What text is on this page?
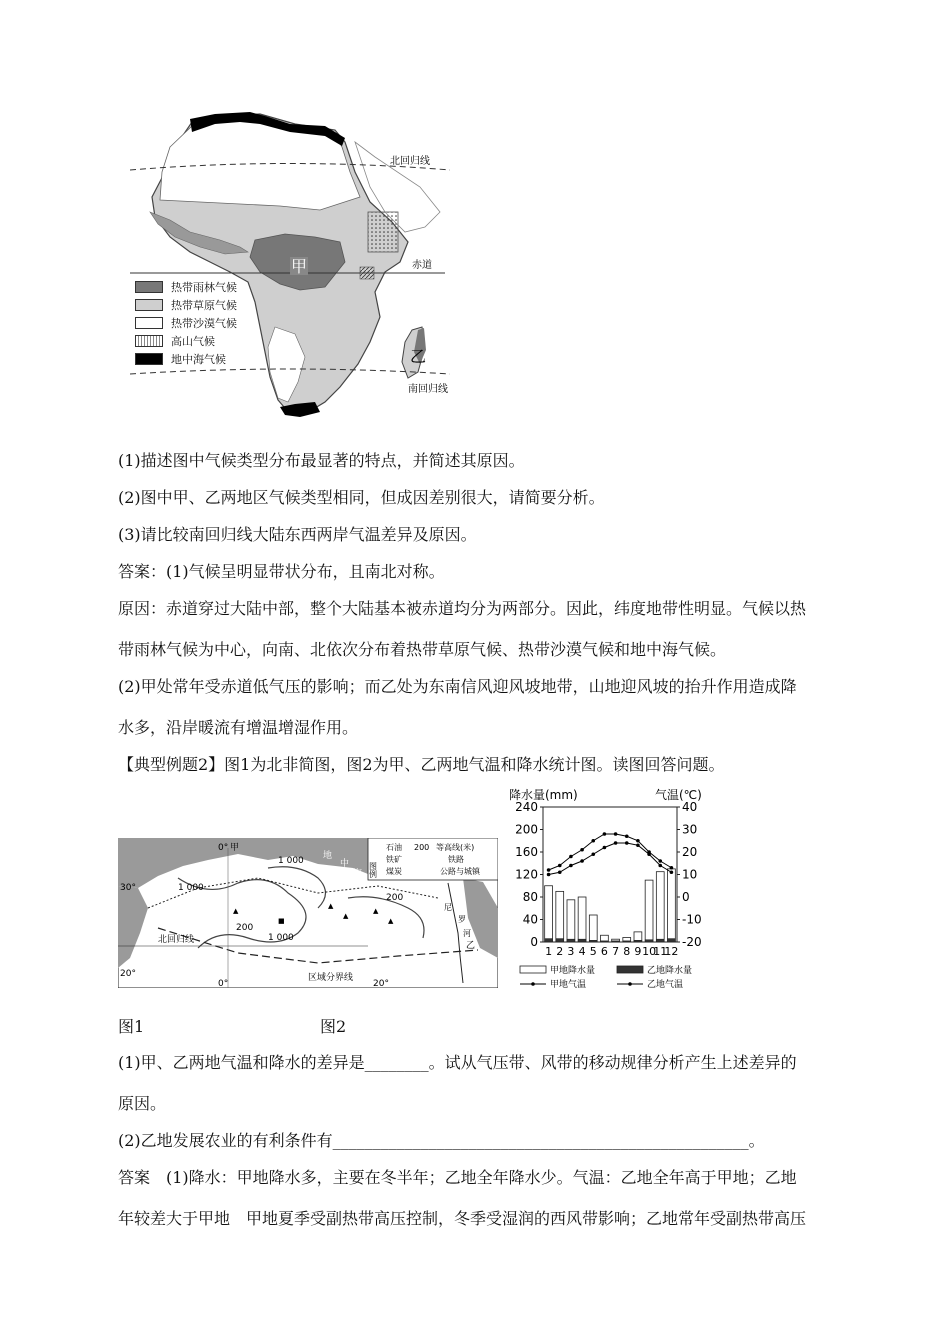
北回归线
赤道
南回归线
甲
乙
热带雨林气候
热带草原气候
热带沙漠气候
高山气候
地中海气候
(1)描述图中气候类型分布最显著的特点，并简述其原因。
(2)图中甲、乙两地区气候类型相同，但成因差别很大，请简要分析。
(3)请比较南回归线大陆东西两岸气温差异及原因。
答案：(1)气候呈明显带状分布，且南北对称。
原因：赤道穿过大陆中部，整个大陆基本被赤道均分为两部分。因此，纬度地带性明显。气候以热
带雨林气候为中心，向南、北依次分布着热带草原气候、热带沙漠气候和地中海气候。
(2)甲处常年受赤道低气压的影响；而乙处为东南信风迎风坡地带，山地迎风坡的抬升作用造成降
水多，沿岸暖流有增温增湿作用。
【典型例题2】图1为北非简图，图2为甲、乙两地气温和降水统计图。读图回答问题。
图例
石油 200 等高线(米)
铁矿	铁路
煤炭	公路与城镇
▲
▲
▲
▲
▲
■
30°
20°
0° 甲
0°
北回归线
区域分界线
20°
1 000
1 000
1 000
200
200
地
中
海
尼
罗
河
乙
降水量(mm)	气温(℃)
0
40
80
120
160
200
240
-20
-10
0
10
20
30
40
1 2 3 4 5 6 7 8 9 10
11
12
甲地降水量	乙地降水量
甲地气温	乙地气温
图1	图2
(1)甲、乙两地气温和降水的差异是________。试从气压带、风带的移动规律分析产生上述差异的
原因。
(2)乙地发展农业的有利条件有____________________________________________________。
答案　(1)降水：甲地降水多，主要在冬半年；乙地全年降水少。气温：乙地全年高于甲地；乙地
年较差大于甲地　甲地夏季受副热带高压控制，冬季受湿润的西风带影响；乙地常年受副热带高压
